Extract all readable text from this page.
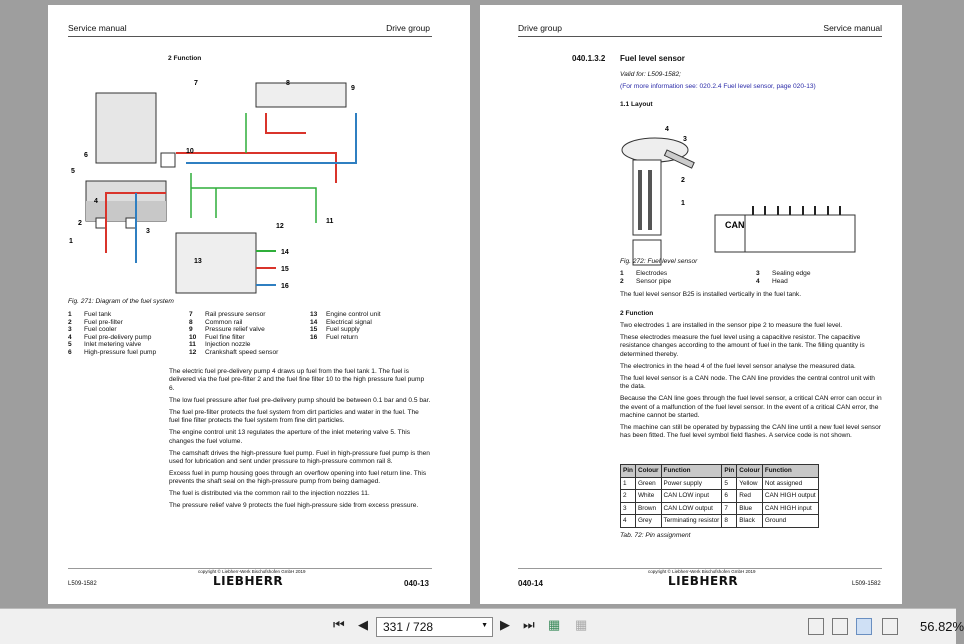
Service manual	Drive group
2 Function
1
2
3
4
5
6
7	8
9
10
11
12
13
14
15
16
Fig. 271: Diagram of the fuel system
1	Fuel tank
2	Fuel pre-filter
3	Fuel cooler
4	Fuel pre-delivery pump
5	Inlet metering valve
6	High-pressure fuel pump
7	Rail pressure sensor
8	Common rail
9	Pressure relief valve
10	Fuel fine filter
11	Injection nozzle
12	Crankshaft speed sensor
13	Engine control unit
14	Electrical signal
15	Fuel supply
16	Fuel return
The electric fuel pre-delivery pump 4 draws up fuel from the fuel tank 1. The fuel is delivered via the fuel pre-filter 2 and the fuel fine filter 10 to the high pressure fuel pump 6.
The low fuel pressure after fuel pre-delivery pump should be between 0.1 bar and 0.5 bar.
The fuel pre-filter protects the fuel system from dirt particles and water in the fuel. The fuel fine filter protects the fuel system from fine dirt particles.
The engine control unit 13 regulates the aperture of the inlet metering valve 5. This changes the fuel volume.
The camshaft drives the high-pressure fuel pump. Fuel in high-pressure fuel pump is then used for lubrication and sent under pressure to high-pressure common rail 8.
Excess fuel in pump housing goes through an overflow opening into fuel return line. This prevents the shaft seal on the high-pressure pump from being damaged.
The fuel is distributed via the common rail to the injection nozzles 11.
The pressure relief valve 9 protects the fuel high-pressure side from excess pressure.
L509-1582
copyright © Liebherr-Werk Bischofshofen GmbH 2019
LIEBHERR	040-13
Drive group	Service manual
040.1.3.2 Fuel level sensor
Valid for: L509-1582;
(For more information see: 020.2.4 Fuel level sensor, page 020-13)
1.1 Layout
4
3
2
1
CAN
Fig. 272: Fuel level sensor
1	Electrodes
2	Sensor pipe
3	Sealing edge
4	Head
The fuel level sensor B25 is installed vertically in the fuel tank.
2 Function
Two electrodes 1 are installed in the sensor pipe 2 to measure the fuel level.
These electrodes measure the fuel level using a capacitive resistor. The capacitive resistance changes according to the amount of fuel in the tank. The filling quantity is determined thereby.
The electronics in the head 4 of the fuel level sensor analyse the measured data.
The fuel level sensor is a CAN node. The CAN line provides the central control unit with the data.
Because the CAN line goes through the fuel level sensor, a critical CAN error can occur in the event of a malfunction of the fuel level sensor. In the event of a critical CAN error, the machine cannot be started.
The machine can still be operated by bypassing the CAN line until a new fuel level sensor has been fitted. The fuel level symbol field flashes. A service code is not shown.
Pin	Colour	Function	Pin	Colour	Function
1	Green	Power supply	5	Yellow	Not assigned
2	White	CAN LOW input	6	Red	CAN HIGH output
3	Brown	CAN LOW output	7	Blue	CAN HIGH input
4	Grey	Terminating resistor	8	Black	Ground
Tab. 72: Pin assignment
040-14
copyright © Liebherr-Werk Bischofshofen GmbH 2019
LIEBHERR	L509-1582
⏮ ◀	331 / 728	▼ ▶ ⏭ ▦ ▦	56.82%
